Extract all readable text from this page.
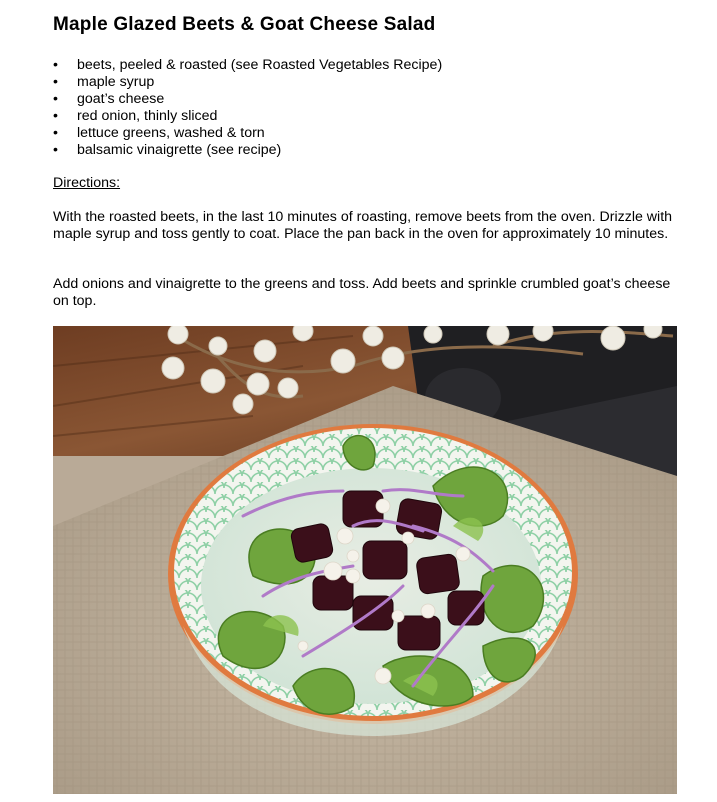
Maple Glazed Beets & Goat Cheese Salad
• beets, peeled & roasted (see Roasted Vegetables Recipe)
• maple syrup
• goat’s cheese
• red onion, thinly sliced
• lettuce greens, washed & torn
• balsamic vinaigrette (see recipe)
Directions:

With the roasted beets, in the last 10 minutes of roasting, remove beets from the oven. Drizzle with maple syrup and toss gently to coat. Place the pan back in the oven for approximately 10 minutes.

Add onions and vinaigrette to the greens and toss. Add beets and sprinkle crumbled goat’s cheese on top.
